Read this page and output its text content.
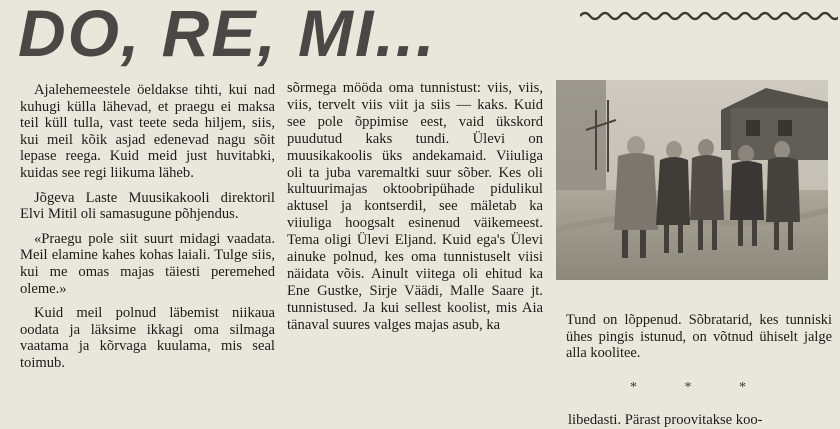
DO, RE, MI...

Ajalehemeestele öeldakse tihti, kui nad kuhugi külla lähevad, et praegu ei maksa teil küll tulla, vast teete seda hiljem, siis, kui meil kõik asjad edenevad nagu sõit lepase reega. Kuid meid just huvitabki, kuidas see regi liikuma läheb.

Jõgeva Laste Muusikakooli direktoril Elvi Mitil oli samasugune põhjendus.

«Praegu pole siit suurt midagi vaadata. Meil elamine kahes kohas laiali. Tulge siis, kui me omas majas täiesti peremehed oleme.»

Kuid meil polnud läbemist niikaua oodata ja läksime ikkagi oma silmaga vaatama ja kõrvaga kuulama, mis seal toimub.

sõrmega mööda oma tunnistust: viis, viis, viis, tervelt viis viit ja siis — kaks. Kuid see pole õppimise eest, vaid ükskord puudutud kaks tundi. Ülevi on muusikakoolis üks andekamaid. Viiuliga oli ta juba varemaltki suur sõber. Kes oli kultuurimajas oktoobripühade pidulikul aktusel ja kontserdil, see mäletab ka viiuliga hoogsalt esinenud väikemeest. Tema oligi Ülevi Eljand. Kuid ega's Ülevi ainuke polnud, kes oma tunnistuselt viisi näidata võis. Ainult viitega oli ehitud ka Ene Gustke, Sirje Väädi, Malle Saare jt. tunnistused. Ja kui sellest koolist, mis Aia tänaval suures valges majas asub, ka	Tund on lõppenud. Sõbratarid, kes tunniski ühes pingis istunud, on võtnud ühiselt jalge alla koolitee.
* * *

libedasti. Pärast proovitakse koo-
